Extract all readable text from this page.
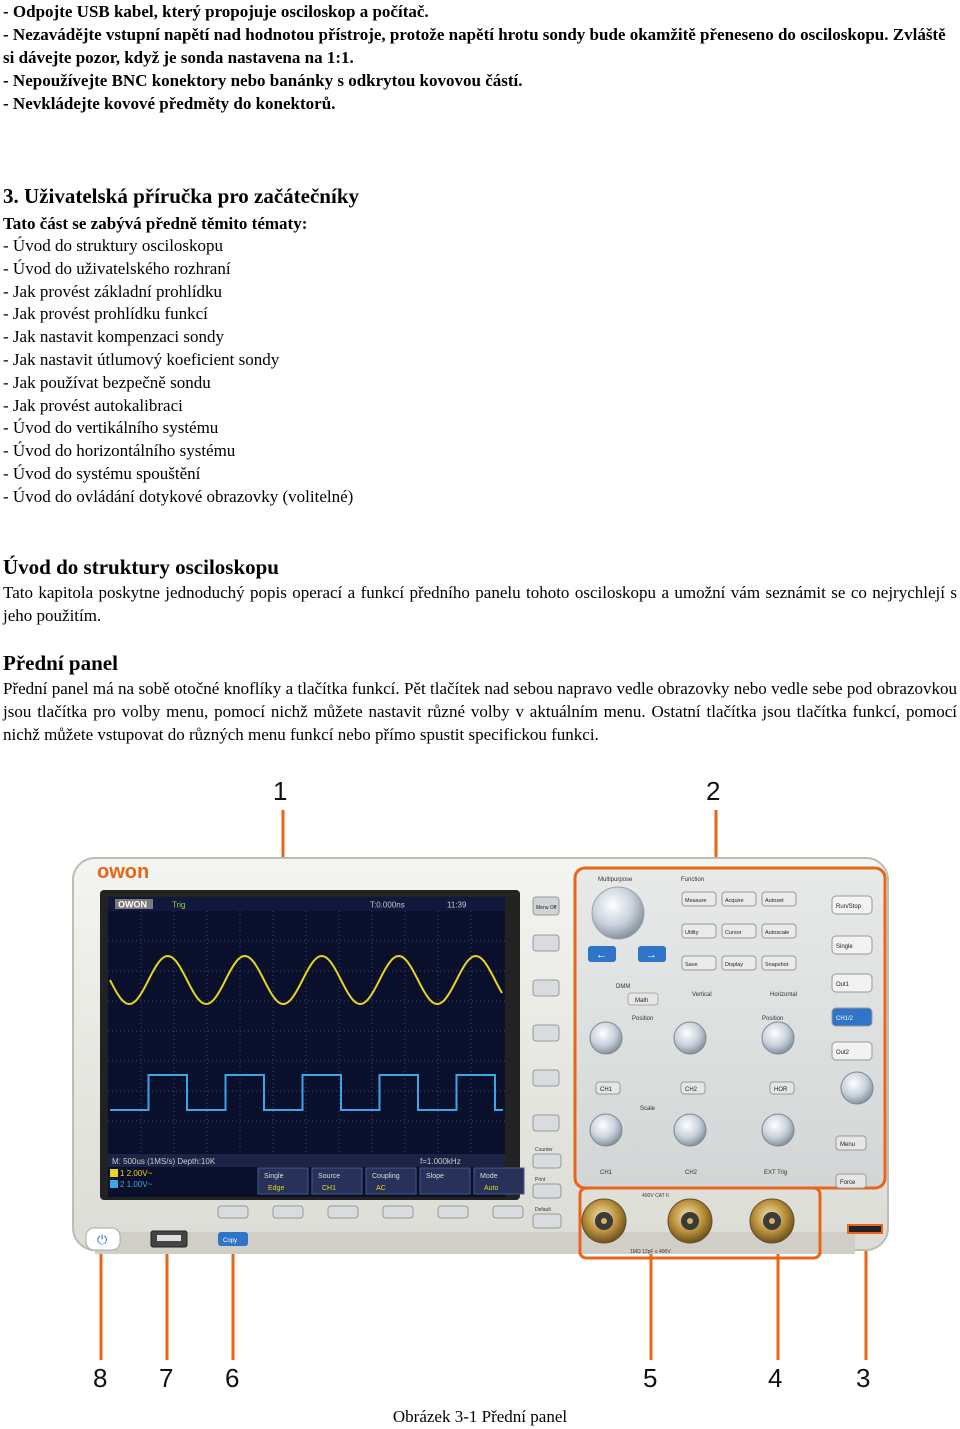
- Odpojte USB kabel, který propojuje osciloskop a počítač.
- Nezavádějte vstupní napětí nad hodnotou přístroje, protože napětí hrotu sondy bude okamžitě přeneseno do osciloskopu. Zvláště si dávejte pozor, když je sonda nastavena na 1:1.
- Nepoužívejte BNC konektory nebo banánky s odkrytou kovovou částí.
- Nevkládejte kovové předměty do konektorů.
3. Uživatelská příručka pro začátečníky
Tato část se zabývá předně těmito tématy:
- Úvod do struktury osciloskopu
- Úvod do uživatelského rozhraní
- Jak provést základní prohlídku
- Jak provést prohlídku funkcí
- Jak nastavit kompenzaci sondy
- Jak nastavit útlumový koeficient sondy
- Jak používat bezpečně sondu
- Jak provést autokalibraci
- Úvod do vertikálního systému
- Úvod do horizontálního systému
- Úvod do systému spouštění
- Úvod do ovládání dotykové obrazovky (volitelné)
Úvod do struktury osciloskopu
Tato kapitola poskytne jednoduchý popis operací a funkcí předního panelu tohoto osciloskopu a umožní vám seznámit se co nejrychlejí s jeho použitím.
Přední panel
Přední panel má na sobě otočné knoflíky a tlačítka funkcí. Pět tlačítek nad sebou napravo vedle obrazovky nebo vedle sebe pod obrazovkou jsou tlačítka pro volby menu, pomocí nichž můžete nastavit různé volby v aktuálním menu. Ostatní tlačítka jsou tlačítka funkcí, pomocí nichž můžete vstupovat do různých menu funkcí nebo přímo spustit specifickou funkci.
owon
OWON	Trig	T:0.000ns	11:39
M: 500us (1MS/s) Depth:10K	f=1.000kHz
1 2.00V~
2 1.00V~
Single
Edge
Source
CH1
Coupling
AC
Slope	Mode
Auto
Menu Off
Multipurpose
←	→
Measure	Acquire	Autoset
Utility	Cursor	Autoscale
Save	Display	Snapshot
Function
Run/Stop
Single
Out1
CH1/2
Out2
DMM
Math
Vertical	Horizontal
Position	Position
Scale
CH1	CH2	HOR
CH1	CH2	EXT Trig
Menu
Force
Counter
Print
Default
1MΩ 12pF ≤ 400V
400V CAT II
⏻	Copy
1	2
3
4
5
6
7
8
Obrázek 3-1 Přední panel
